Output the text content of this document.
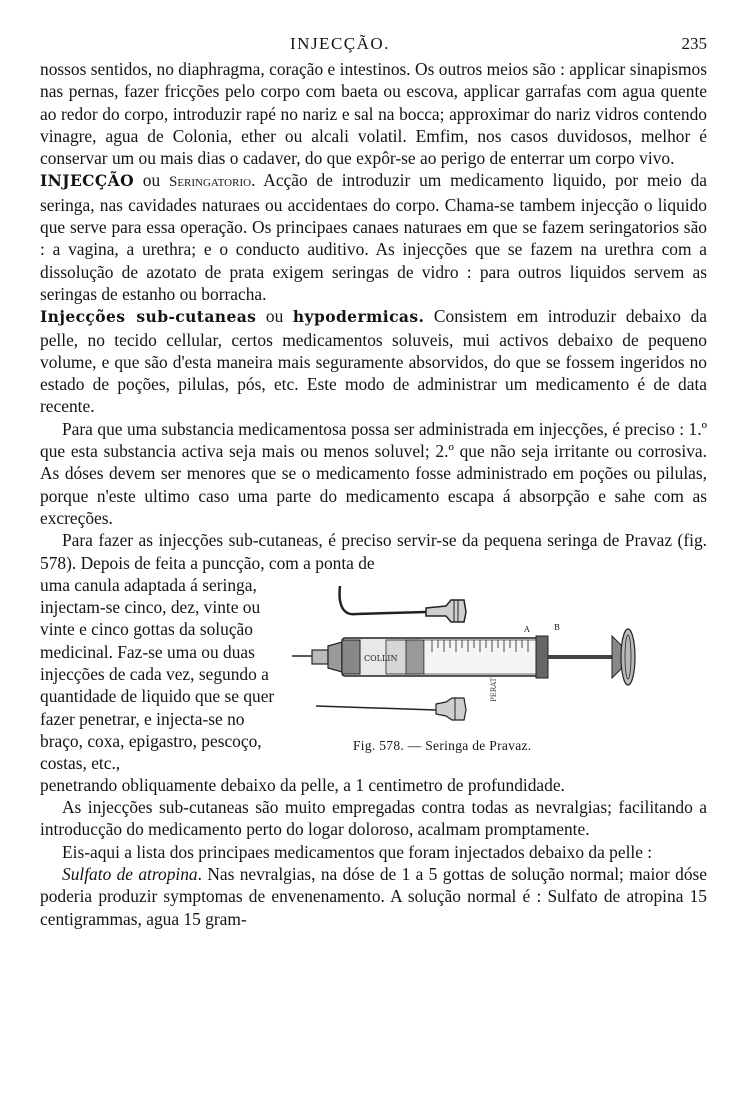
INJECÇÃO.	235

nossos sentidos, no diaphragma, coração e intestinos. Os outros meios são : applicar sinapismos nas pernas, fazer fricções pelo corpo com baeta ou escova, applicar garrafas com agua quente ao redor do corpo, introduzir rapé no nariz e sal na bocca; approximar do nariz vidros contendo vinagre, agua de Colonia, ether ou alcali volatil. Emfim, nos casos duvidosos, melhor é conservar um ou mais dias o cadaver, do que expôr-se ao perigo de enterrar um corpo vivo.

INJECÇÃO ou Seringatorio. Acção de introduzir um medicamento liquido, por meio da seringa, nas cavidades naturaes ou accidentaes do corpo. Chama-se tambem injecção o liquido que serve para essa operação. Os principaes canaes naturaes em que se fazem seringatorios são : a vagina, a urethra; e o conducto auditivo. As injecções que se fazem na urethra com a dissolução de azotato de prata exigem seringas de vidro : para outros liquidos servem as seringas de estanho ou borracha.

Injecções sub-cutaneas ou hypodermicas. Consistem em introduzir debaixo da pelle, no tecido cellular, certos medicamentos soluveis, mui activos debaixo de pequeno volume, e que são d'esta maneira mais seguramente absorvidos, do que se fossem ingeridos no estado de poções, pilulas, pós, etc. Este modo de administrar um medicamento é de data recente.

Para que uma substancia medicamentosa possa ser administrada em injecções, é preciso : 1.º que esta substancia activa seja mais ou menos soluvel; 2.º que não seja irritante ou corrosiva. As dóses devem ser menores que se o medicamento fosse administrado em poções ou pilulas, porque n'este ultimo caso uma parte do medicamento escapa á absorpção e sahe com as excreções.

Para fazer as injecções sub-cutaneas, é preciso servir-se da pequena seringa de Pravaz (fig. 578). Depois de feita a puncção, com a ponta de

uma canula adaptada á seringa, injectam-se cinco, dez, vinte ou vinte e cinco gottas da solução medicinal. Faz-se uma ou duas injecções de cada vez, segundo a quantidade de liquido que se quer fazer penetrar, e injecta-se no braço, coxa, epigastro, pescoço, costas, etc.,

COLLIN
A	B
PERAT
Fig. 578. — Seringa de Pravaz.

penetrando obliquamente debaixo da pelle, a 1 centimetro de profundidade.

As injecções sub-cutaneas são muito empregadas contra todas as nevralgias; facilitando a introducção do medicamento perto do logar doloroso, acalmam promptamente.

Eis-aqui a lista dos principaes medicamentos que foram injectados debaixo da pelle :

Sulfato de atropina. Nas nevralgias, na dóse de 1 a 5 gottas de solução normal; maior dóse poderia produzir symptomas de envenenamento. A solução normal é : Sulfato de atropina 15 centigrammas, agua 15 gram-
